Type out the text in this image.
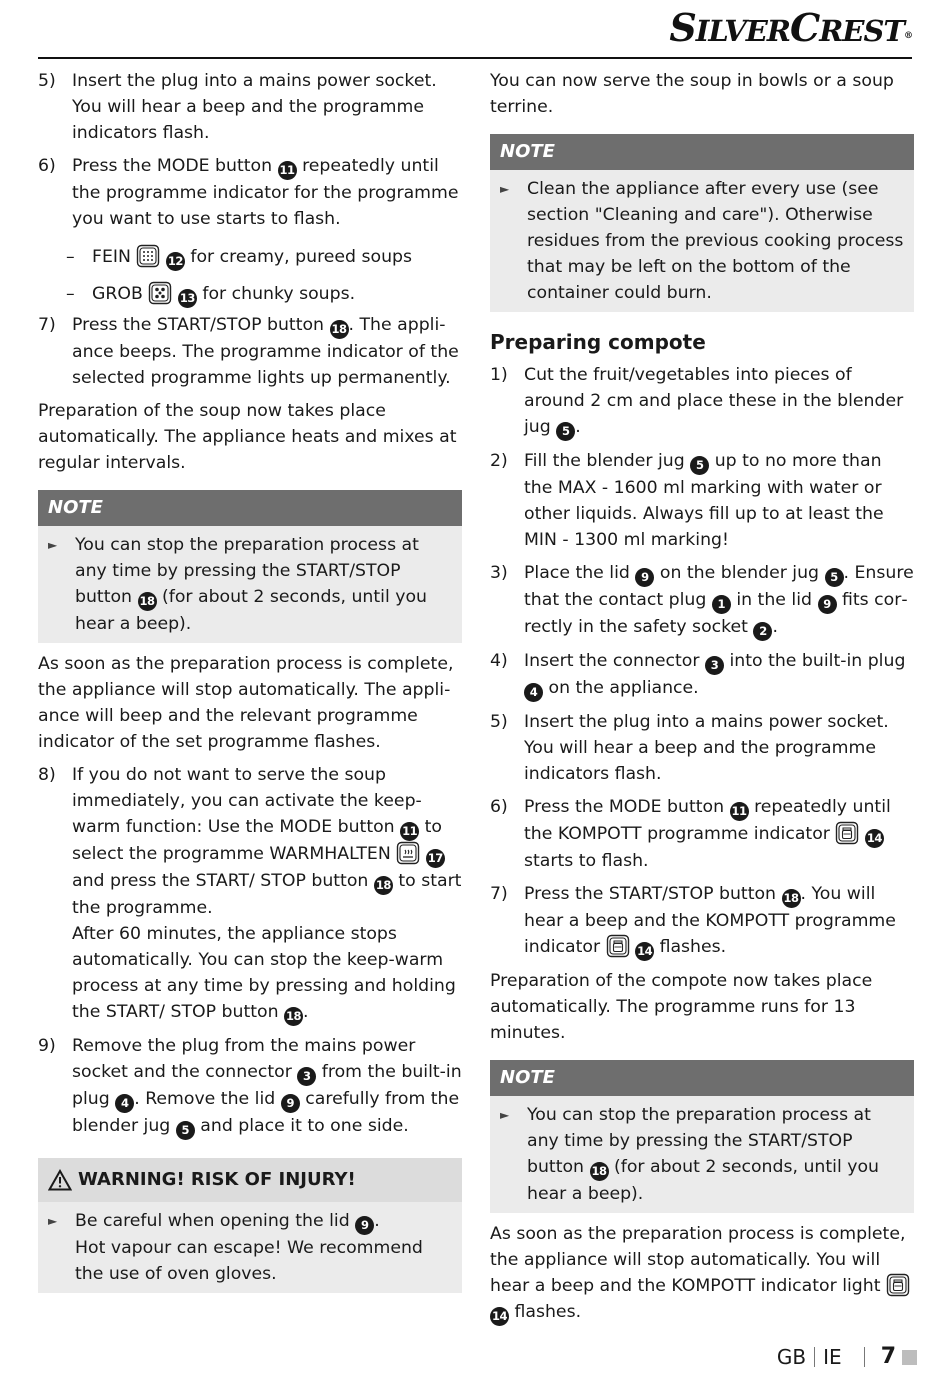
SILVERCREST®
5) Insert the plug into a mains power socket. You will hear a beep and the programme indicators flash.
6) Press the MODE button 11 repeatedly until the programme indicator for the programme you want to use starts to flash.
–	FEIN	12 for creamy, pureed soups
–	GROB	13 for chunky soups.
7) Press the START/STOP button 18 . The appliance beeps. The programme indicator of the selected programme lights up permanently.

Preparation of the soup now takes place automatically. The appliance heats and mixes at regular intervals.

NOTE
►	You can stop the preparation process at any time by pressing the START/STOP button 18 (for about 2 seconds, until you hear a beep).

As soon as the preparation process is complete, the appliance will stop automatically. The appliance will beep and the relevant programme indicator of the set programme flashes.

8) If you do not want to serve the soup immediately, you can activate the keep-warm function: Use the MODE button 11 to select the programme WARMHALTEN	17 and press the START/ STOP button 18 to start the programme.
After 60 minutes, the appliance stops automatically. You can stop the keep-warm process at any time by pressing and holding the START/ STOP button 18 .
9) Remove the plug from the mains power socket and the connector 3 from the built-in plug 4 . Remove the lid 9 carefully from the blender jug 5 and place it to one side.
WARNING! RISK OF INJURY!
►	Be careful when opening the lid 9 .
Hot vapour can escape! We recommend the use of oven gloves.

You can now serve the soup in bowls or a soup terrine.

NOTE
►	Clean the appliance after every use (see section "Cleaning and care"). Otherwise residues from the previous cooking process that may be left on the bottom of the container could burn.
Preparing compote
1) Cut the fruit/vegetables into pieces of around 2 cm and place these in the blender jug 5 .
2) Fill the blender jug 5 up to no more than the MAX - 1600 ml marking with water or other liquids. Always fill up to at least the MIN - 1300 ml marking!
3) Place the lid 9 on the blender jug 5 . Ensure that the contact plug 1 in the lid 9 fits correctly in the safety socket 2 .
4) Insert the connector 3 into the built-in plug 4 on the appliance.
5) Insert the plug into a mains power socket. You will hear a beep and the programme indicators flash.
6) Press the MODE button 11 repeatedly until the KOMPOTT programme indicator	14 starts to flash.
7) Press the START/STOP button 18 . You will hear a beep and the KOMPOTT programme indicator	14 flashes.

Preparation of the compote now takes place automatically. The programme runs for 13 minutes.

NOTE
►	You can stop the preparation process at any time by pressing the START/STOP button 18 (for about 2 seconds, until you hear a beep).

As soon as the preparation process is complete, the appliance will stop automatically. You will hear a beep and the KOMPOTT indicator light  14 flashes.

GB IE 7
